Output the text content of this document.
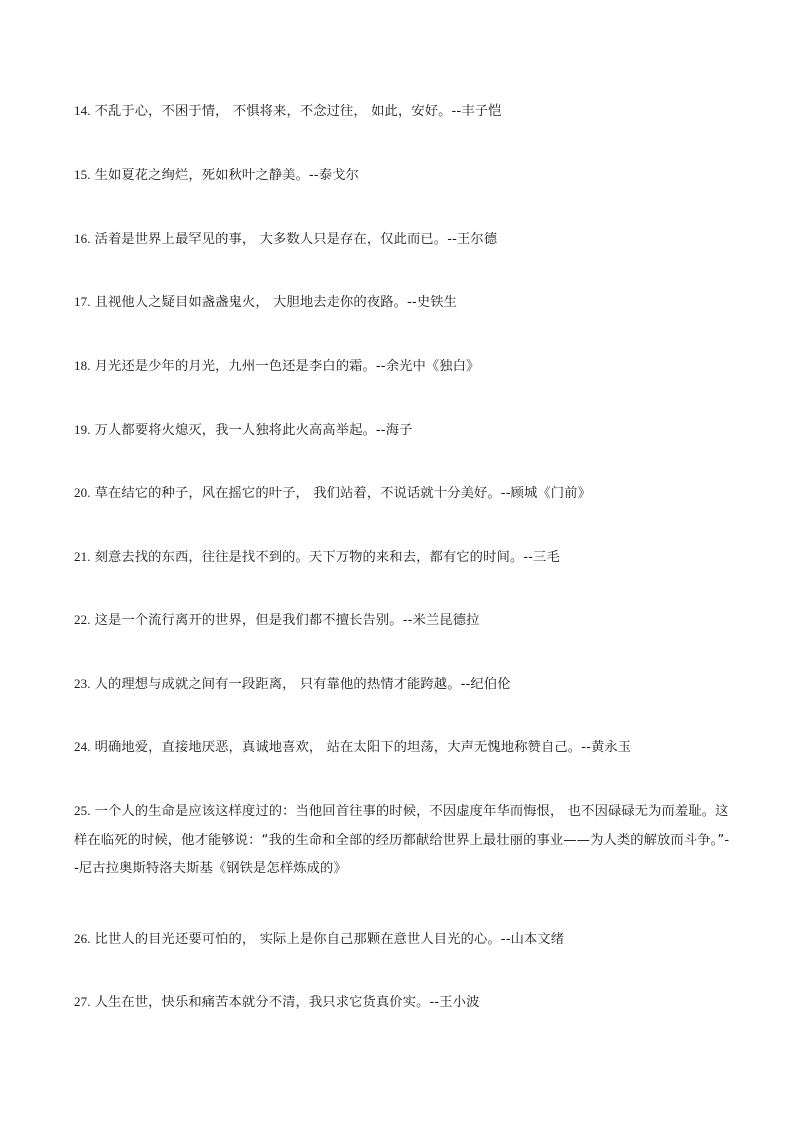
14. 不乱于心，不困于情， 不惧将来，不念过往， 如此，安好。--丰子恺
15. 生如夏花之绚烂，死如秋叶之静美。--泰戈尔
16. 活着是世界上最罕见的事， 大多数人只是存在，仅此而已。--王尔德
17. 且视他人之疑目如盏盏鬼火， 大胆地去走你的夜路。--史铁生
18. 月光还是少年的月光，九州一色还是李白的霜。--余光中《独白》
19. 万人都要将火熄灭，我一人独将此火高高举起。--海子
20. 草在结它的种子，风在摇它的叶子， 我们站着，不说话就十分美好。--顾城《门前》
21. 刻意去找的东西，往往是找不到的。天下万物的来和去，都有它的时间。--三毛
22. 这是一个流行离开的世界，但是我们都不擅长告别。--米兰昆德拉
23. 人的理想与成就之间有一段距离， 只有靠他的热情才能跨越。--纪伯伦
24. 明确地爱，直接地厌恶，真诚地喜欢， 站在太阳下的坦荡，大声无愧地称赞自己。--黄永玉
25. 一个人的生命是应该这样度过的：当他回首往事的时候，不因虚度年华而悔恨， 也不因碌碌无为而羞耻。这样在临死的时候，他才能够说：“我的生命和全部的经历都献给世界上最壮丽的事业——为人类的解放而斗争。”--尼古拉奥斯特洛夫斯基《钢铁是怎样炼成的》
26. 比世人的目光还要可怕的， 实际上是你自己那颗在意世人目光的心。--山本文绪
27. 人生在世，快乐和痛苦本就分不清，我只求它货真价实。--王小波
